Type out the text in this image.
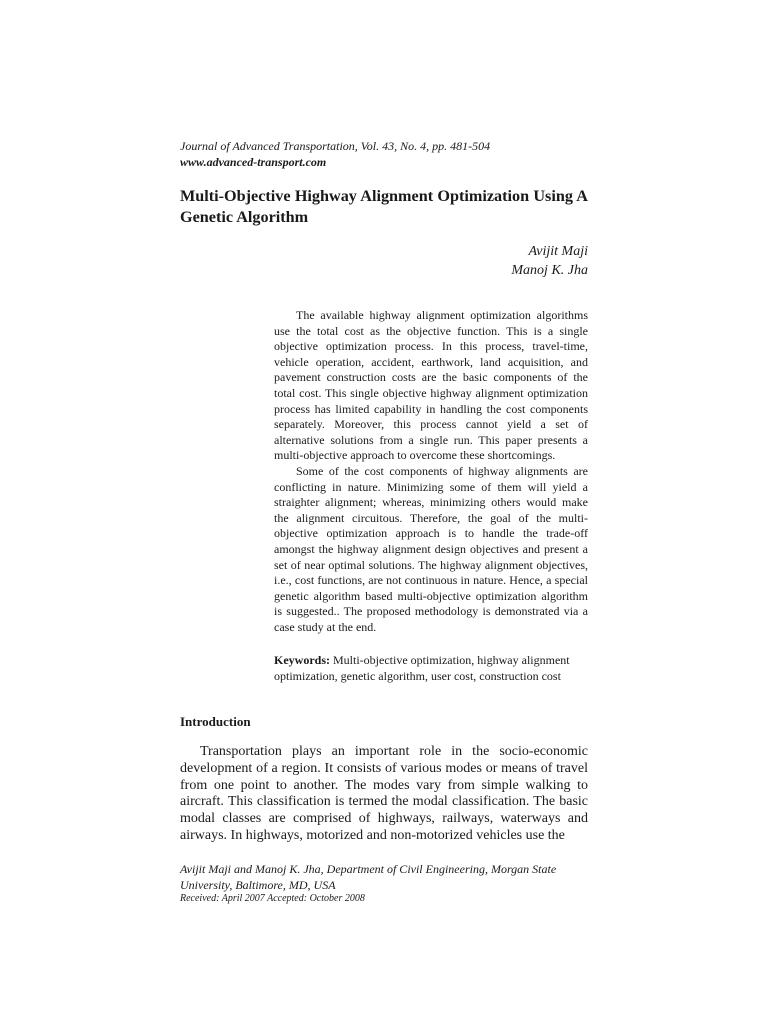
Journal of Advanced Transportation, Vol. 43, No. 4, pp. 481-504
www.advanced-transport.com
Multi-Objective Highway Alignment Optimization Using A Genetic Algorithm
Avijit Maji
Manoj K. Jha

The available highway alignment optimization algorithms use the total cost as the objective function. This is a single objective optimization process. In this process, travel-time, vehicle operation, accident, earthwork, land acquisition, and pavement construction costs are the basic components of the total cost. This single objective highway alignment optimization process has limited capability in handling the cost components separately. Moreover, this process cannot yield a set of alternative solutions from a single run. This paper presents a multi-objective approach to overcome these shortcomings.

Some of the cost components of highway alignments are conflicting in nature. Minimizing some of them will yield a straighter alignment; whereas, minimizing others would make the alignment circuitous. Therefore, the goal of the multi-objective optimization approach is to handle the trade-off amongst the highway alignment design objectives and present a set of near optimal solutions. The highway alignment objectives, i.e., cost functions, are not continuous in nature. Hence, a special genetic algorithm based multi-objective optimization algorithm is suggested.. The proposed methodology is demonstrated via a case study at the end.

Keywords: Multi-objective optimization, highway alignment optimization, genetic algorithm, user cost, construction cost
Introduction

Transportation plays an important role in the socio-economic development of a region. It consists of various modes or means of travel from one point to another. The modes vary from simple walking to aircraft. This classification is termed the modal classification. The basic modal classes are comprised of highways, railways, waterways and airways. In highways, motorized and non-motorized vehicles use the

Avijit Maji and Manoj K. Jha, Department of Civil Engineering, Morgan State University, Baltimore, MD, USA

Received: April 2007 Accepted: October 2008
